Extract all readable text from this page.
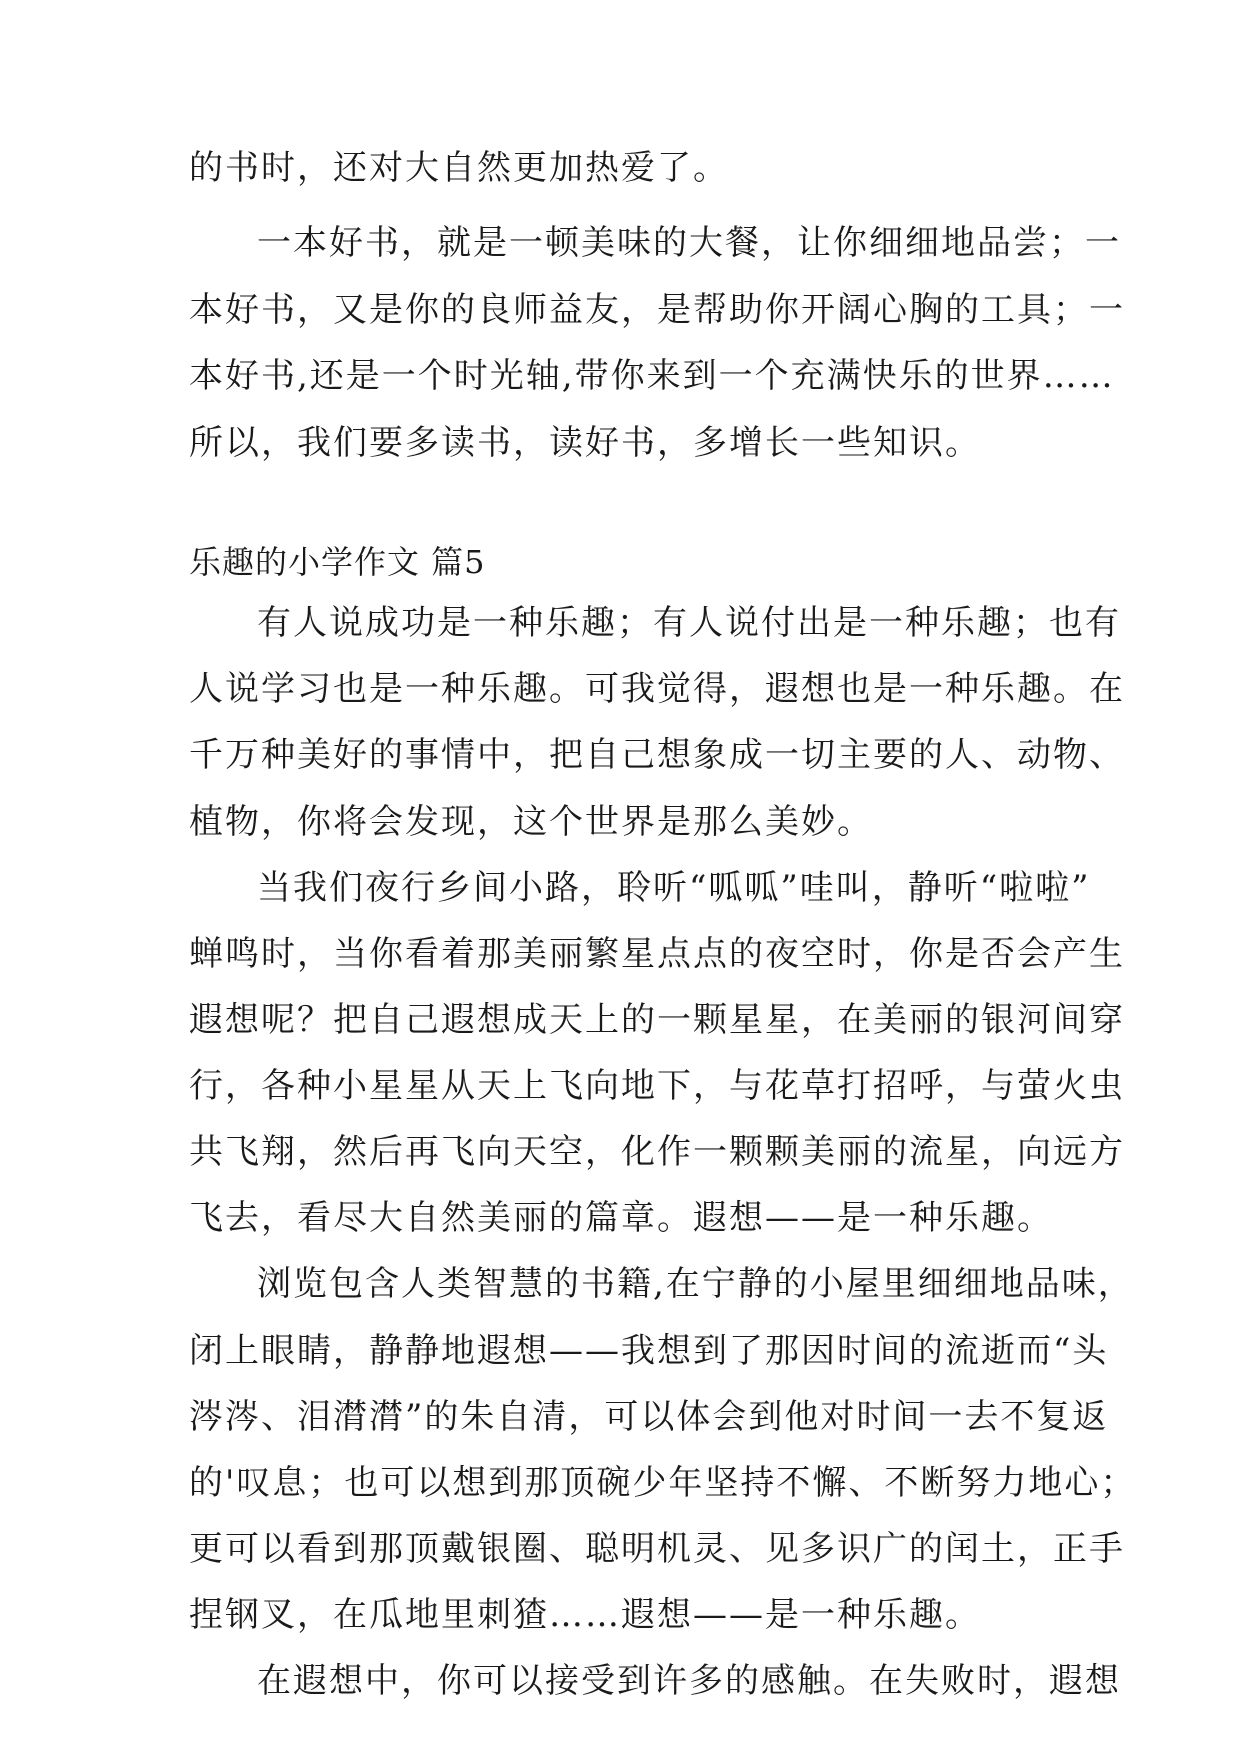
的书时，还对大自然更加热爱了。
一本好书，就是一顿美味的大餐，让你细细地品尝；一
本好书，又是你的良师益友，是帮助你开阔心胸的工具；一
本好书,还是一个时光轴,带你来到一个充满快乐的世界……
所以，我们要多读书，读好书，多增长一些知识。
乐趣的小学作文 篇5
有人说成功是一种乐趣；有人说付出是一种乐趣；也有
人说学习也是一种乐趣。可我觉得，遐想也是一种乐趣。在
千万种美好的事情中，把自己想象成一切主要的人、动物、
植物，你将会发现，这个世界是那么美妙。
当我们夜行乡间小路，聆听“呱呱”哇叫，静听“啦啦”
蝉鸣时，当你看着那美丽繁星点点的夜空时，你是否会产生
遐想呢？把自己遐想成天上的一颗星星，在美丽的银河间穿
行，各种小星星从天上飞向地下，与花草打招呼，与萤火虫
共飞翔，然后再飞向天空，化作一颗颗美丽的流星，向远方
飞去，看尽大自然美丽的篇章。遐想——是一种乐趣。
浏览包含人类智慧的书籍,在宁静的小屋里细细地品味，
闭上眼睛，静静地遐想——我想到了那因时间的流逝而“头
涔涔、泪潸潸”的朱自清，可以体会到他对时间一去不复返
的'叹息；也可以想到那顶碗少年坚持不懈、不断努力地心；
更可以看到那顶戴银圈、聪明机灵、见多识广的闰土，正手
捏钢叉，在瓜地里刺猹……遐想——是一种乐趣。
在遐想中，你可以接受到许多的感触。在失败时，遐想
